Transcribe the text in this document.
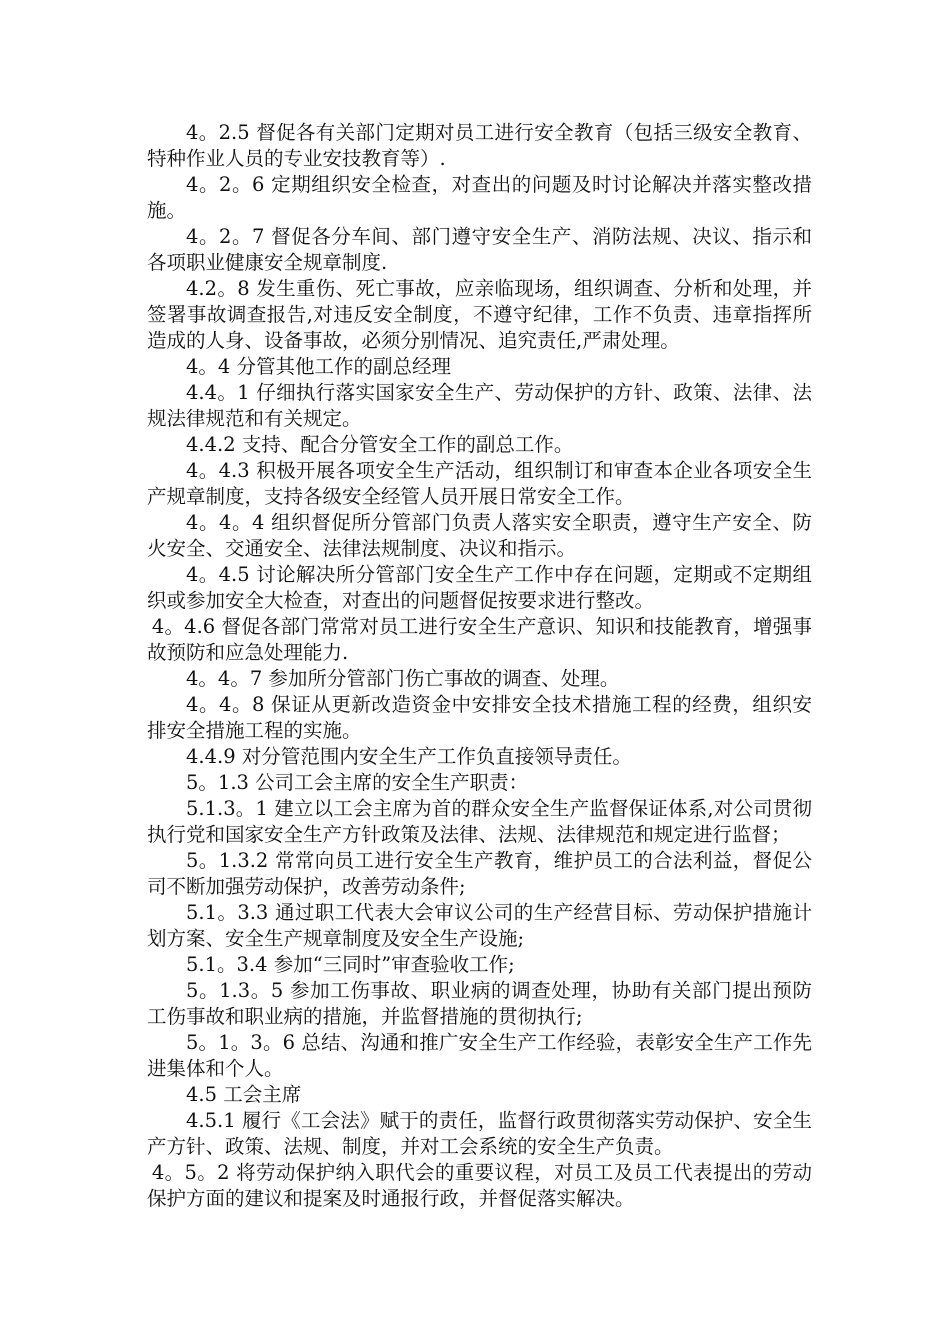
4。2.5 督促各有关部门定期对员工进行安全教育（包括三级安全教育、特种作业人员的专业安技教育等）.

4。2。6 定期组织安全检查，对查出的问题及时讨论解决并落实整改措施。

4。2。7 督促各分车间、部门遵守安全生产、消防法规、决议、指示和各项职业健康安全规章制度.

4.2。8 发生重伤、死亡事故，应亲临现场，组织调查、分析和处理，并签署事故调查报告,对违反安全制度，不遵守纪律，工作不负责、违章指挥所造成的人身、设备事故，必须分别情况、追究责任,严肃处理。

4。4 分管其他工作的副总经理

4.4。1 仔细执行落实国家安全生产、劳动保护的方针、政策、法律、法规法律规范和有关规定。

4.4.2 支持、配合分管安全工作的副总工作。

4。4.3 积极开展各项安全生产活动，组织制订和审查本企业各项安全生产规章制度，支持各级安全经管人员开展日常安全工作。

4。4。4 组织督促所分管部门负责人落实安全职责，遵守生产安全、防火安全、交通安全、法律法规制度、决议和指示。

4。4.5 讨论解决所分管部门安全生产工作中存在问题，定期或不定期组织或参加安全大检查，对查出的问题督促按要求进行整改。

4。4.6 督促各部门常常对员工进行安全生产意识、知识和技能教育，增强事故预防和应急处理能力.

4。4。7 参加所分管部门伤亡事故的调查、处理。

4。4。8 保证从更新改造资金中安排安全技术措施工程的经费，组织安排安全措施工程的实施。

4.4.9 对分管范围内安全生产工作负直接领导责任。

5。1.3 公司工会主席的安全生产职责：

5.1.3。1 建立以工会主席为首的群众安全生产监督保证体系,对公司贯彻执行党和国家安全生产方针政策及法律、法规、法律规范和规定进行监督；

5。1.3.2 常常向员工进行安全生产教育，维护员工的合法利益，督促公司不断加强劳动保护，改善劳动条件;

5.1。3.3 通过职工代表大会审议公司的生产经营目标、劳动保护措施计划方案、安全生产规章制度及安全生产设施;

5.1。3.4 参加“三同时”审查验收工作;

5。1.3。5 参加工伤事故、职业病的调查处理，协助有关部门提出预防工伤事故和职业病的措施，并监督措施的贯彻执行;

5。1。3。6 总结、沟通和推广安全生产工作经验，表彰安全生产工作先进集体和个人。

4.5 工会主席

4.5.1 履行《工会法》赋于的责任，监督行政贯彻落实劳动保护、安全生产方针、政策、法规、制度，并对工会系统的安全生产负责。

4。5。2 将劳动保护纳入职代会的重要议程，对员工及员工代表提出的劳动保护方面的建议和提案及时通报行政，并督促落实解决。
